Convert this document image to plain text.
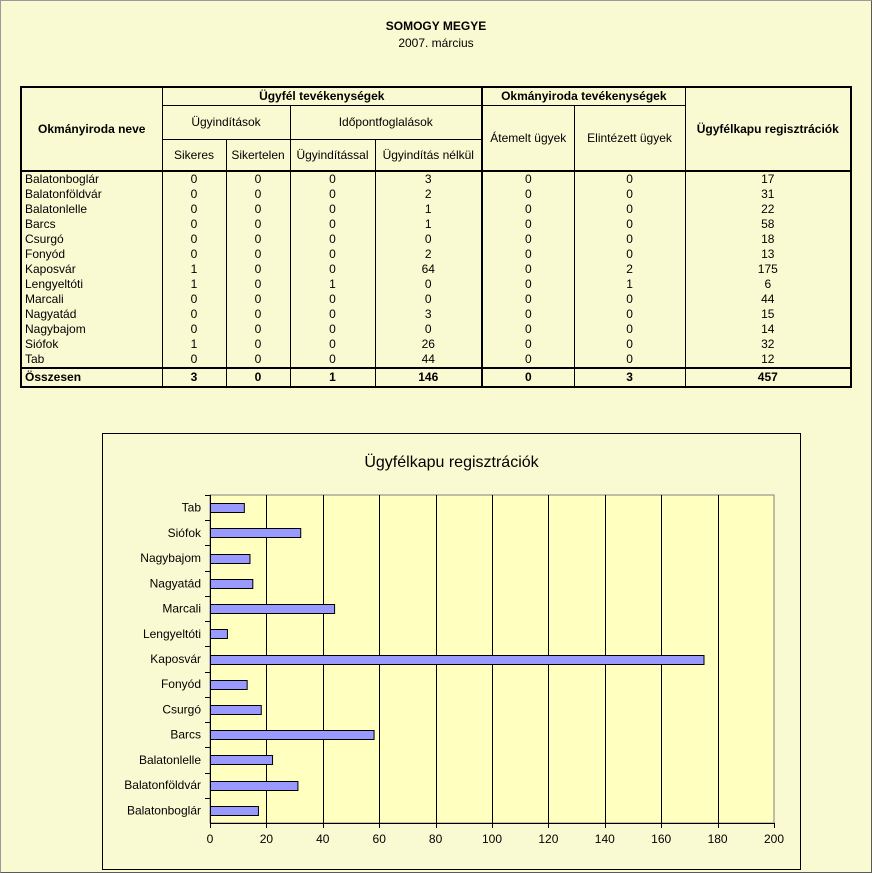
SOMOGY MEGYE
2007. március
Okmányiroda neve	Ügyfél tevékenységek				Okmányiroda tevékenységek		Ügyfélkapu regisztrációk
	Ügyindítások		Időpontfoglalások		Átemelt ügyek	Elintézett ügyek	
	Sikeres	Sikertelen	Ügyindítással	Ügyindítás nélkül			
Balatonboglár	0	0	0	3	0	0	17
Balatonföldvár	0	0	0	2	0	0	31
Balatonlelle	0	0	0	1	0	0	22
Barcs	0	0	0	1	0	0	58
Csurgó	0	0	0	0	0	0	18
Fonyód	0	0	0	2	0	0	13
Kaposvár	1	0	0	64	0	2	175
Lengyeltóti	1	0	1	0	0	1	6
Marcali	0	0	0	0	0	0	44
Nagyatád	0	0	0	3	0	0	15
Nagybajom	0	0	0	0	0	0	14
Siófok	1	0	0	26	0	0	32
Tab	0	0	0	44	0	0	12
Összesen	3	0	1	146	0	3	457
Ügyfélkapu regisztrációk
0	20	40	60	80	100	120	140	160	180	200
Tab
Siófok
Nagybajom
Nagyatád
Marcali
Lengyeltóti
Kaposvár
Fonyód
Csurgó
Barcs
Balatonlelle
Balatonföldvár
Balatonboglár
